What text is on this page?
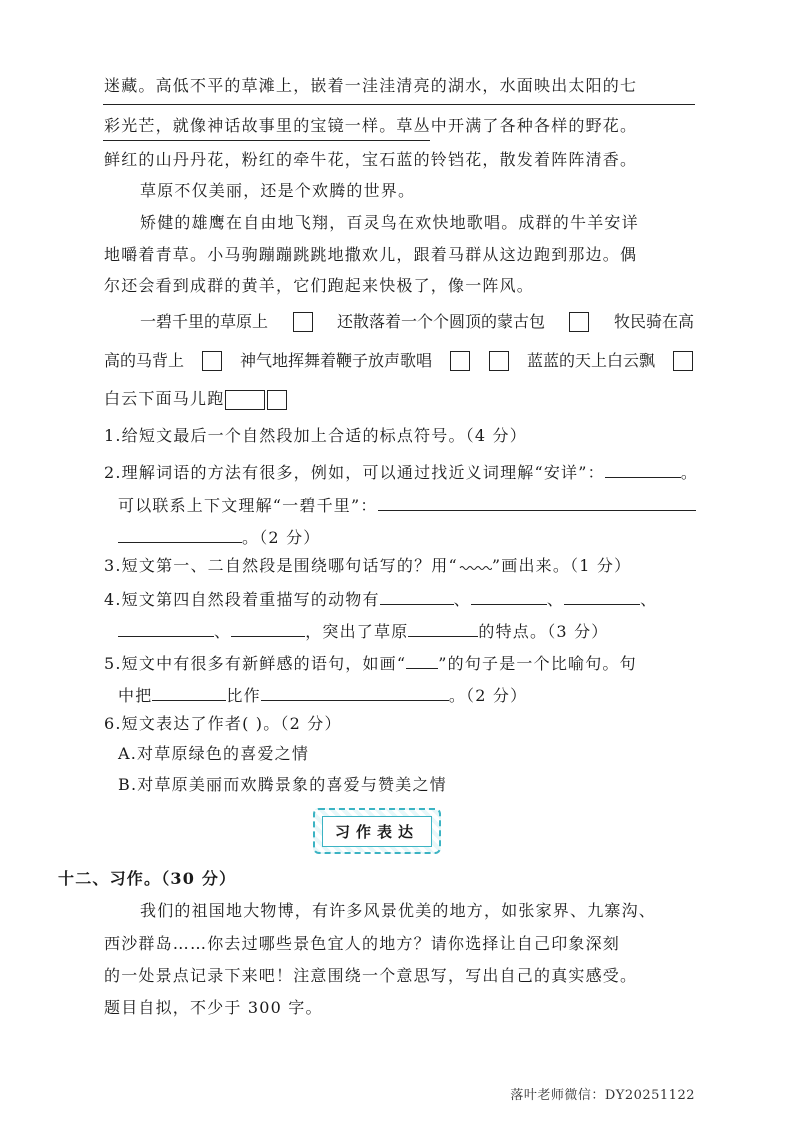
迷藏。高低不平的草滩上，嵌着一洼洼清亮的湖水，水面映出太阳的七
彩光芒，就像神话故事里的宝镜一样。草丛中开满了各种各样的野花。
鲜红的山丹丹花，粉红的牵牛花，宝石蓝的铃铛花，散发着阵阵清香。
草原不仅美丽，还是个欢腾的世界。
矫健的雄鹰在自由地飞翔，百灵鸟在欢快地歌唱。成群的牛羊安详
地嚼着青草。小马驹蹦蹦跳跳地撒欢儿，跟着马群从这边跑到那边。偶
尔还会看到成群的黄羊，它们跑起来快极了，像一阵风。
一碧千里的草原上	还散落着一个个圆顶的蒙古包	牧民骑在高
高的马背上	神气地挥舞着鞭子放声歌唱	蓝蓝的天上白云飘
白云下面马儿跑
1.给短文最后一个自然段加上合适的标点符号。（4 分）
2.理解词语的方法有很多，例如，可以通过找近义词理解“安详”：	。
可以联系上下文理解“一碧千里”：
。（2 分）
3.短文第一、二自然段是围绕哪句话写的？用“ ”画出来。（1 分）
4.短文第四自然段着重描写的动物有	、	、	、
、	，突出了草原	的特点。（3 分）
5.短文中有很多有新鲜感的语句，如画“ ”的句子是一个比喻句。句
中把	比作	。（2 分）
6.短文表达了作者( )。（2 分）
A.对草原绿色的喜爱之情
B.对草原美丽而欢腾景象的喜爱与赞美之情
习作表达
十二、习作。（30 分）
我们的祖国地大物博，有许多风景优美的地方，如张家界、九寨沟、
西沙群岛……你去过哪些景色宜人的地方？请你选择让自己印象深刻
的一处景点记录下来吧！注意围绕一个意思写，写出自己的真实感受。
题目自拟，不少于 300 字。
落叶老师微信：DY20251122
